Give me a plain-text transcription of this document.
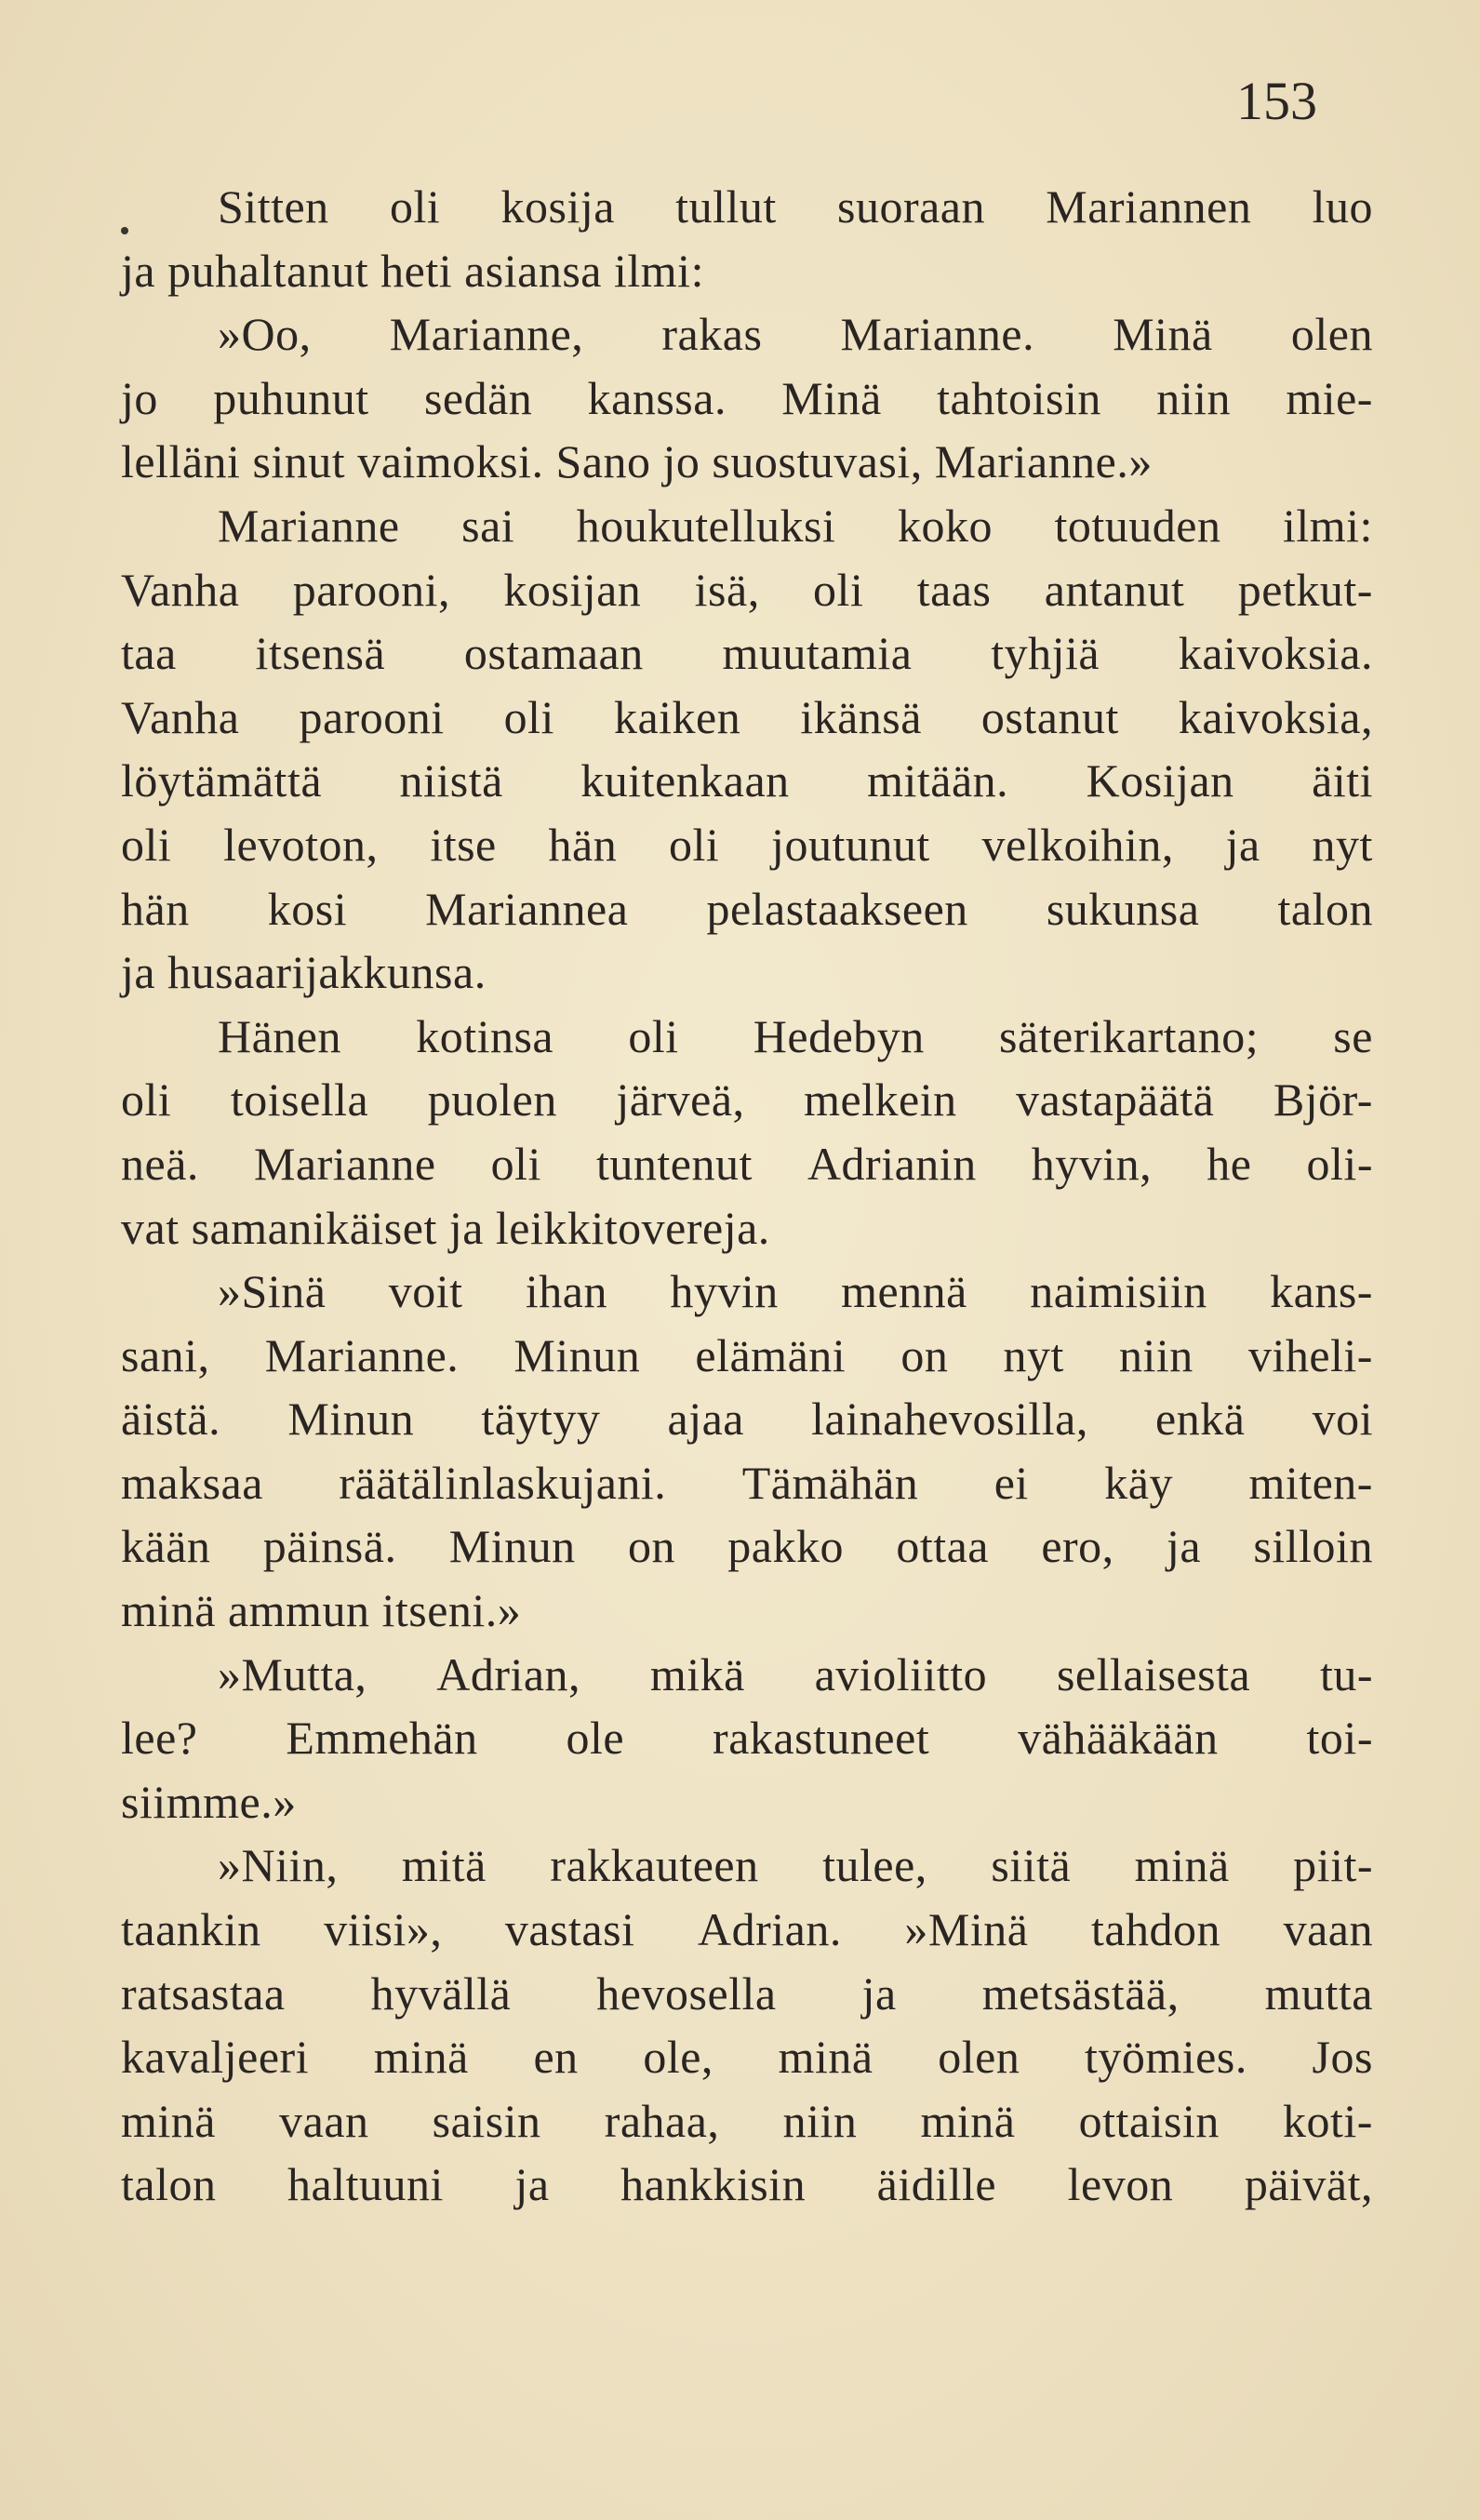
153
Sitten oli kosija tullut suoraan Mariannen luo
ja puhaltanut heti asiansa ilmi:
»Oo, Marianne, rakas Marianne. Minä olen
jo puhunut sedän kanssa. Minä tahtoisin niin mie-
lelläni sinut vaimoksi. Sano jo suostuvasi, Marianne.»
Marianne sai houkutelluksi koko totuuden ilmi:
Vanha parooni, kosijan isä, oli taas antanut petkut-
taa itsensä ostamaan muutamia tyhjiä kaivoksia.
Vanha parooni oli kaiken ikänsä ostanut kaivoksia,
löytämättä niistä kuitenkaan mitään. Kosijan äiti
oli levoton, itse hän oli joutunut velkoihin, ja nyt
hän kosi Mariannea pelastaakseen sukunsa talon
ja husaarijakkunsa.
Hänen kotinsa oli Hedebyn säterikartano; se
oli toisella puolen järveä, melkein vastapäätä Björ-
neä. Marianne oli tuntenut Adrianin hyvin, he oli-
vat samanikäiset ja leikkitovereja.
»Sinä voit ihan hyvin mennä naimisiin kans-
sani, Marianne. Minun elämäni on nyt niin viheli-
äistä. Minun täytyy ajaa lainahevosilla, enkä voi
maksaa räätälinlaskujani. Tämähän ei käy miten-
kään päinsä. Minun on pakko ottaa ero, ja silloin
minä ammun itseni.»
»Mutta, Adrian, mikä avioliitto sellaisesta tu-
lee? Emmehän ole rakastuneet vähääkään toi-
siimme.»
»Niin, mitä rakkauteen tulee, siitä minä piit-
taankin viisi», vastasi Adrian. »Minä tahdon vaan
ratsastaa hyvällä hevosella ja metsästää, mutta
kavaljeeri minä en ole, minä olen työmies. Jos
minä vaan saisin rahaa, niin minä ottaisin koti-
talon haltuuni ja hankkisin äidille levon päivät,
